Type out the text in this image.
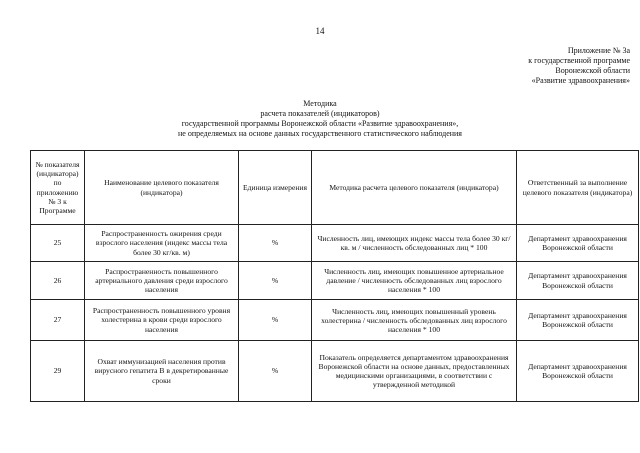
14
Приложение № 3а
к государственной программе
Воронежской области
«Развитие здравоохранения»
Методика
расчета показателей (индикаторов)
государственной программы Воронежской области «Развитие здравоохранения»,
не определяемых на основе данных государственного статистического наблюдения
№ показателя (индикатора) по приложению № 3 к Программе	Наименование целевого показателя (индикатора)	Единица измерения	Методика расчета целевого показателя (индикатора)	Ответственный за выполнение целевого показателя (индикатора)
25	Распространенность ожирения среди взрослого населения (индекс массы тела более 30 кг/кв. м)	%	Численность лиц, имеющих индекс массы тела более 30 кг/кв. м / численность обследованных лиц * 100	Департамент здравоохранения Воронежской области
26	Распространенность повышенного артериального давления среди взрослого населения	%	Численность лиц, имеющих повышенное артериальное давление / численность обследованных лиц взрослого населения * 100	Департамент здравоохранения Воронежской области
27	Распространенность повышенного уровня холестерина в крови среди взрослого населения	%	Численность лиц, имеющих повышенный уровень холестерина / численность обследованных лиц взрослого населения * 100	Департамент здравоохранения Воронежской области
29	Охват иммунизацией населения против вирусного гепатита В в декретированные сроки	%	Показатель определяется департаментом здравоохранения Воронежской области на основе данных, предоставленных медицинскими организациями, в соответствии с утвержденной методикой	Департамент здравоохранения Воронежской области
